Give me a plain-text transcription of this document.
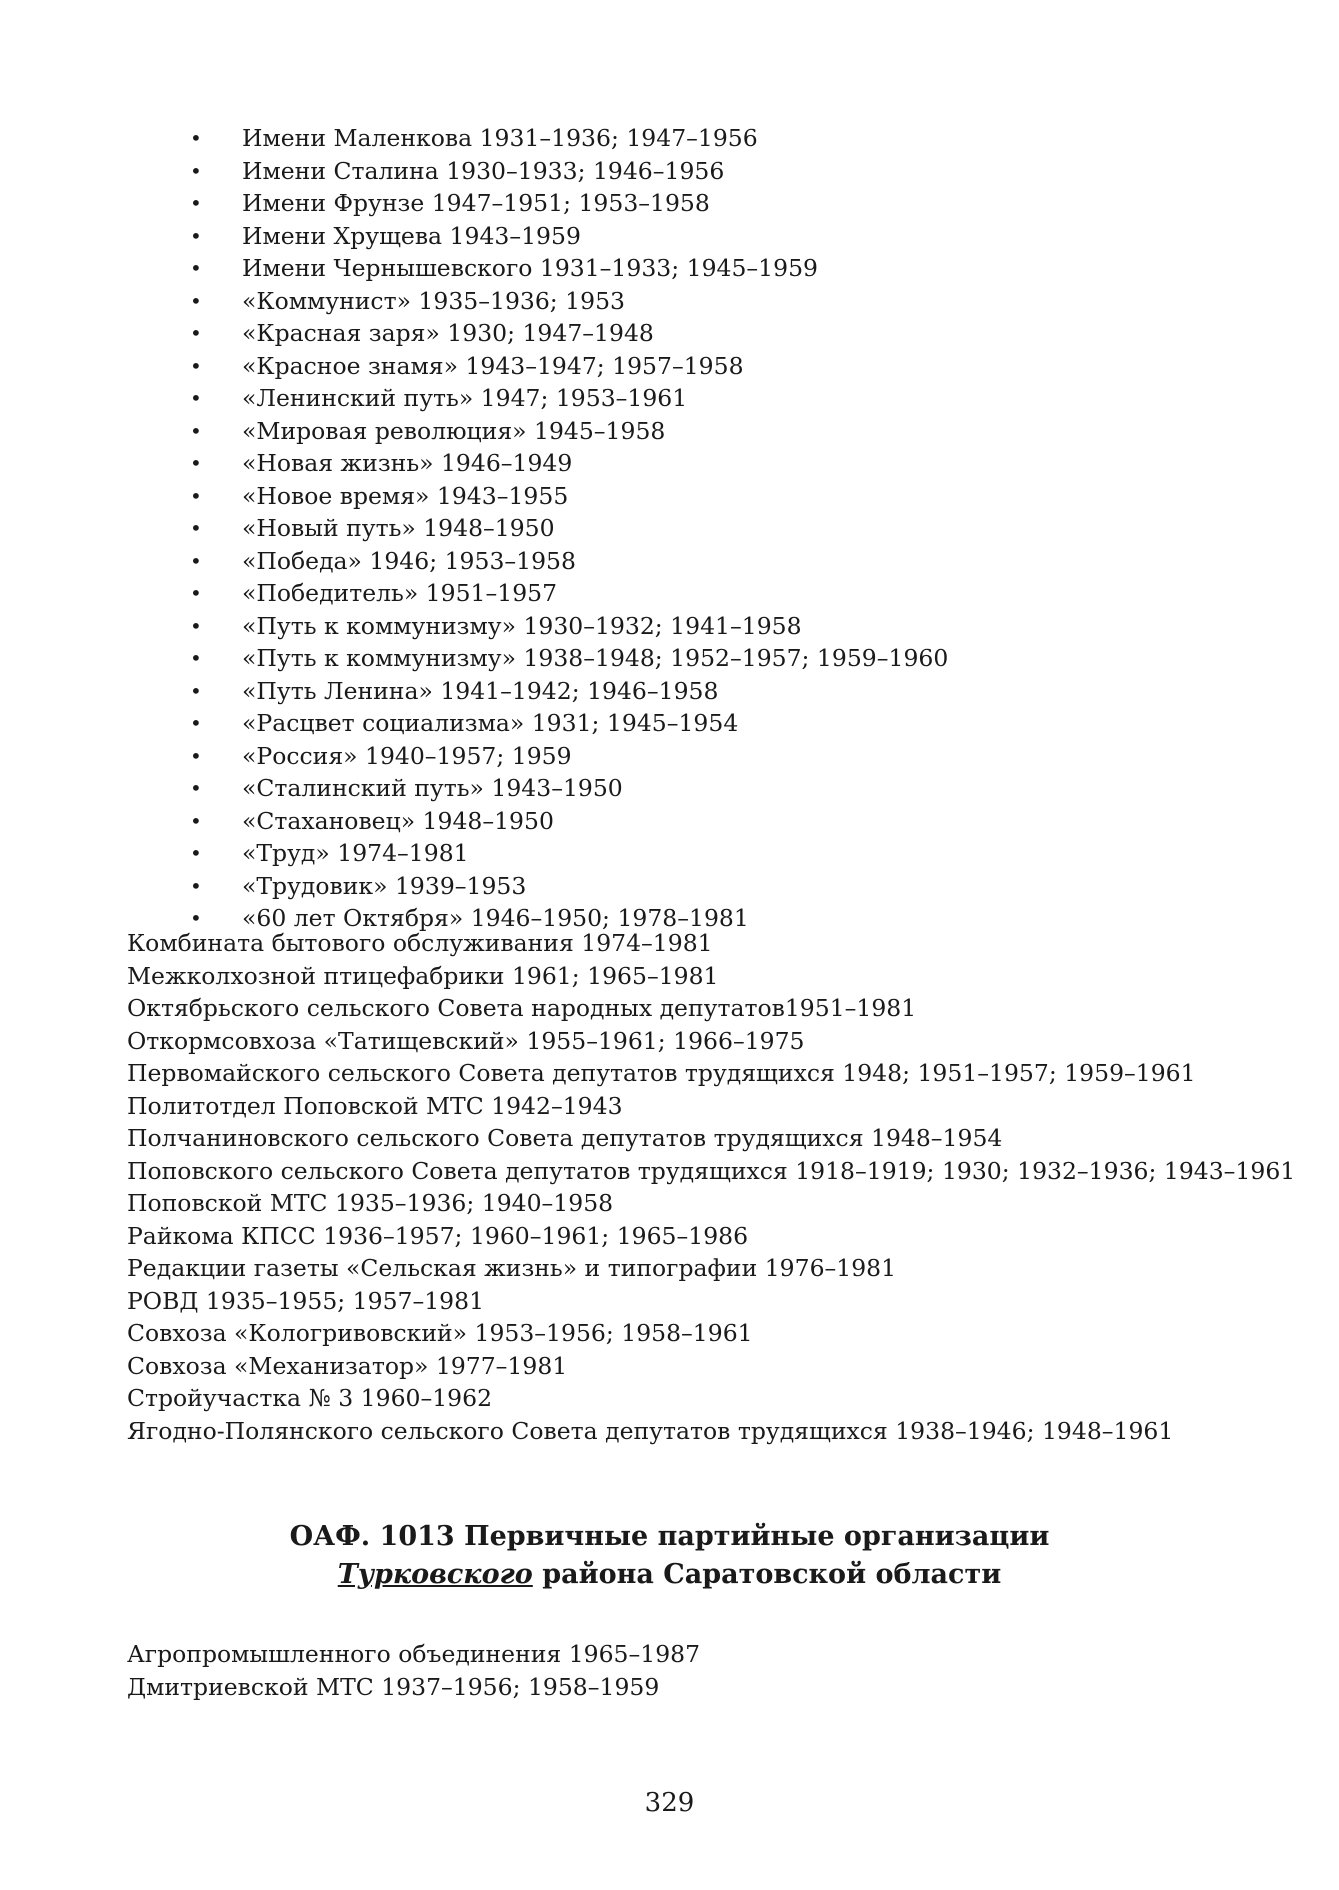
• Имени Маленкова 1931–1936; 1947–1956
• Имени Сталина 1930–1933; 1946–1956
• Имени Фрунзе 1947–1951; 1953–1958
• Имени Хрущева 1943–1959
• Имени Чернышевского 1931–1933; 1945–1959
• «Коммунист» 1935–1936; 1953
• «Красная заря» 1930; 1947–1948
• «Красное знамя» 1943–1947; 1957–1958
• «Ленинский путь» 1947; 1953–1961
• «Мировая революция» 1945–1958
• «Новая жизнь» 1946–1949
• «Новое время» 1943–1955
• «Новый путь» 1948–1950
• «Победа» 1946; 1953–1958
• «Победитель» 1951–1957
• «Путь к коммунизму» 1930–1932; 1941–1958
• «Путь к коммунизму» 1938–1948; 1952–1957; 1959–1960
• «Путь Ленина» 1941–1942; 1946–1958
• «Расцвет социализма» 1931; 1945–1954
• «Россия» 1940–1957; 1959
• «Сталинский путь» 1943–1950
• «Стахановец» 1948–1950
• «Труд» 1974–1981
• «Трудовик» 1939–1953
• «60 лет Октября» 1946–1950; 1978–1981
Комбината бытового обслуживания 1974–1981
Межколхозной птицефабрики 1961; 1965–1981
Октябрьского сельского Совета народных депутатов1951–1981
Откормсовхоза «Татищевский» 1955–1961; 1966–1975
Первомайского сельского Совета депутатов трудящихся 1948; 1951–1957; 1959–1961
Политотдел Поповской МТС 1942–1943
Полчаниновского сельского Совета депутатов трудящихся 1948–1954
Поповского сельского Совета депутатов трудящихся 1918–1919; 1930; 1932–1936; 1943–1961
Поповской МТС 1935–1936; 1940–1958
Райкома КПСС 1936–1957; 1960–1961; 1965–1986
Редакции газеты «Сельская жизнь» и типографии 1976–1981
РОВД 1935–1955; 1957–1981
Совхоза «Кологривовский» 1953–1956; 1958–1961
Совхоза «Механизатор» 1977–1981
Стройучастка № 3 1960–1962
Ягодно-Полянского сельского Совета депутатов трудящихся 1938–1946; 1948–1961
ОАФ. 1013 Первичные партийные организации
Турковского района Саратовской области
Агропромышленного объединения 1965–1987
Дмитриевской МТС 1937–1956; 1958–1959
329
